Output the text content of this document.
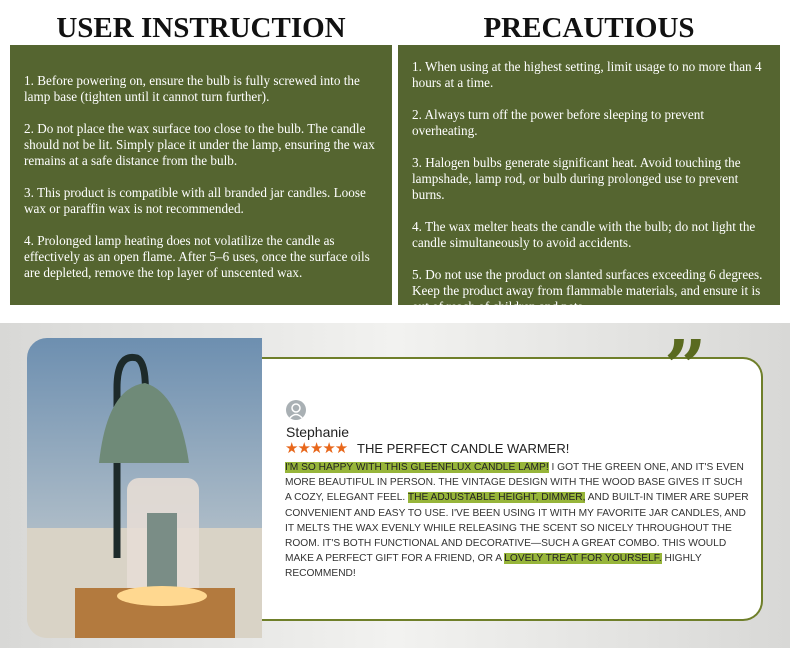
USER INSTRUCTION	PRECAUTIOUS

1. Before powering on, ensure the bulb is fully screwed into the lamp base (tighten until it cannot turn further).

2. Do not place the wax surface too close to the bulb. The candle should not be lit. Simply place it under the lamp, ensuring the wax remains at a safe distance from the bulb.

3. This product is compatible with all branded jar candles. Loose wax or paraffin wax is not recommended.

4. Prolonged lamp heating does not volatilize the candle as effectively as an open flame. After 5–6 uses, once the surface oils are depleted, remove the top layer of unscented wax.

1. When using at the highest setting, limit usage to no more than 4 hours at a time.

2. Always turn off the power before sleeping to prevent overheating.

3. Halogen bulbs generate significant heat. Avoid touching the lampshade, lamp rod, or bulb during prolonged use to prevent burns.

4. The wax melter heats the candle with the bulb; do not light the candle simultaneously to avoid accidents.

5. Do not use the product on slanted surfaces exceeding 6 degrees. Keep the product away from flammable materials, and ensure it is out of reach of children and pets.

”
Stephanie
★★★★★ THE PERFECT CANDLE WARMER!
I'M SO HAPPY WITH THIS GLEENFLUX CANDLE LAMP! I GOT THE GREEN ONE, AND IT'S EVEN MORE BEAUTIFUL IN PERSON. THE VINTAGE DESIGN WITH THE WOOD BASE GIVES IT SUCH A COZY, ELEGANT FEEL. THE ADJUSTABLE HEIGHT, DIMMER, AND BUILT-IN TIMER ARE SUPER CONVENIENT AND EASY TO USE. I'VE BEEN USING IT WITH MY FAVORITE JAR CANDLES, AND IT MELTS THE WAX EVENLY WHILE RELEASING THE SCENT SO NICELY THROUGHOUT THE ROOM. IT'S BOTH FUNCTIONAL AND DECORATIVE—SUCH A GREAT COMBO. THIS WOULD MAKE A PERFECT GIFT FOR A FRIEND, OR A LOVELY TREAT FOR YOURSELF. HIGHLY RECOMMEND!
